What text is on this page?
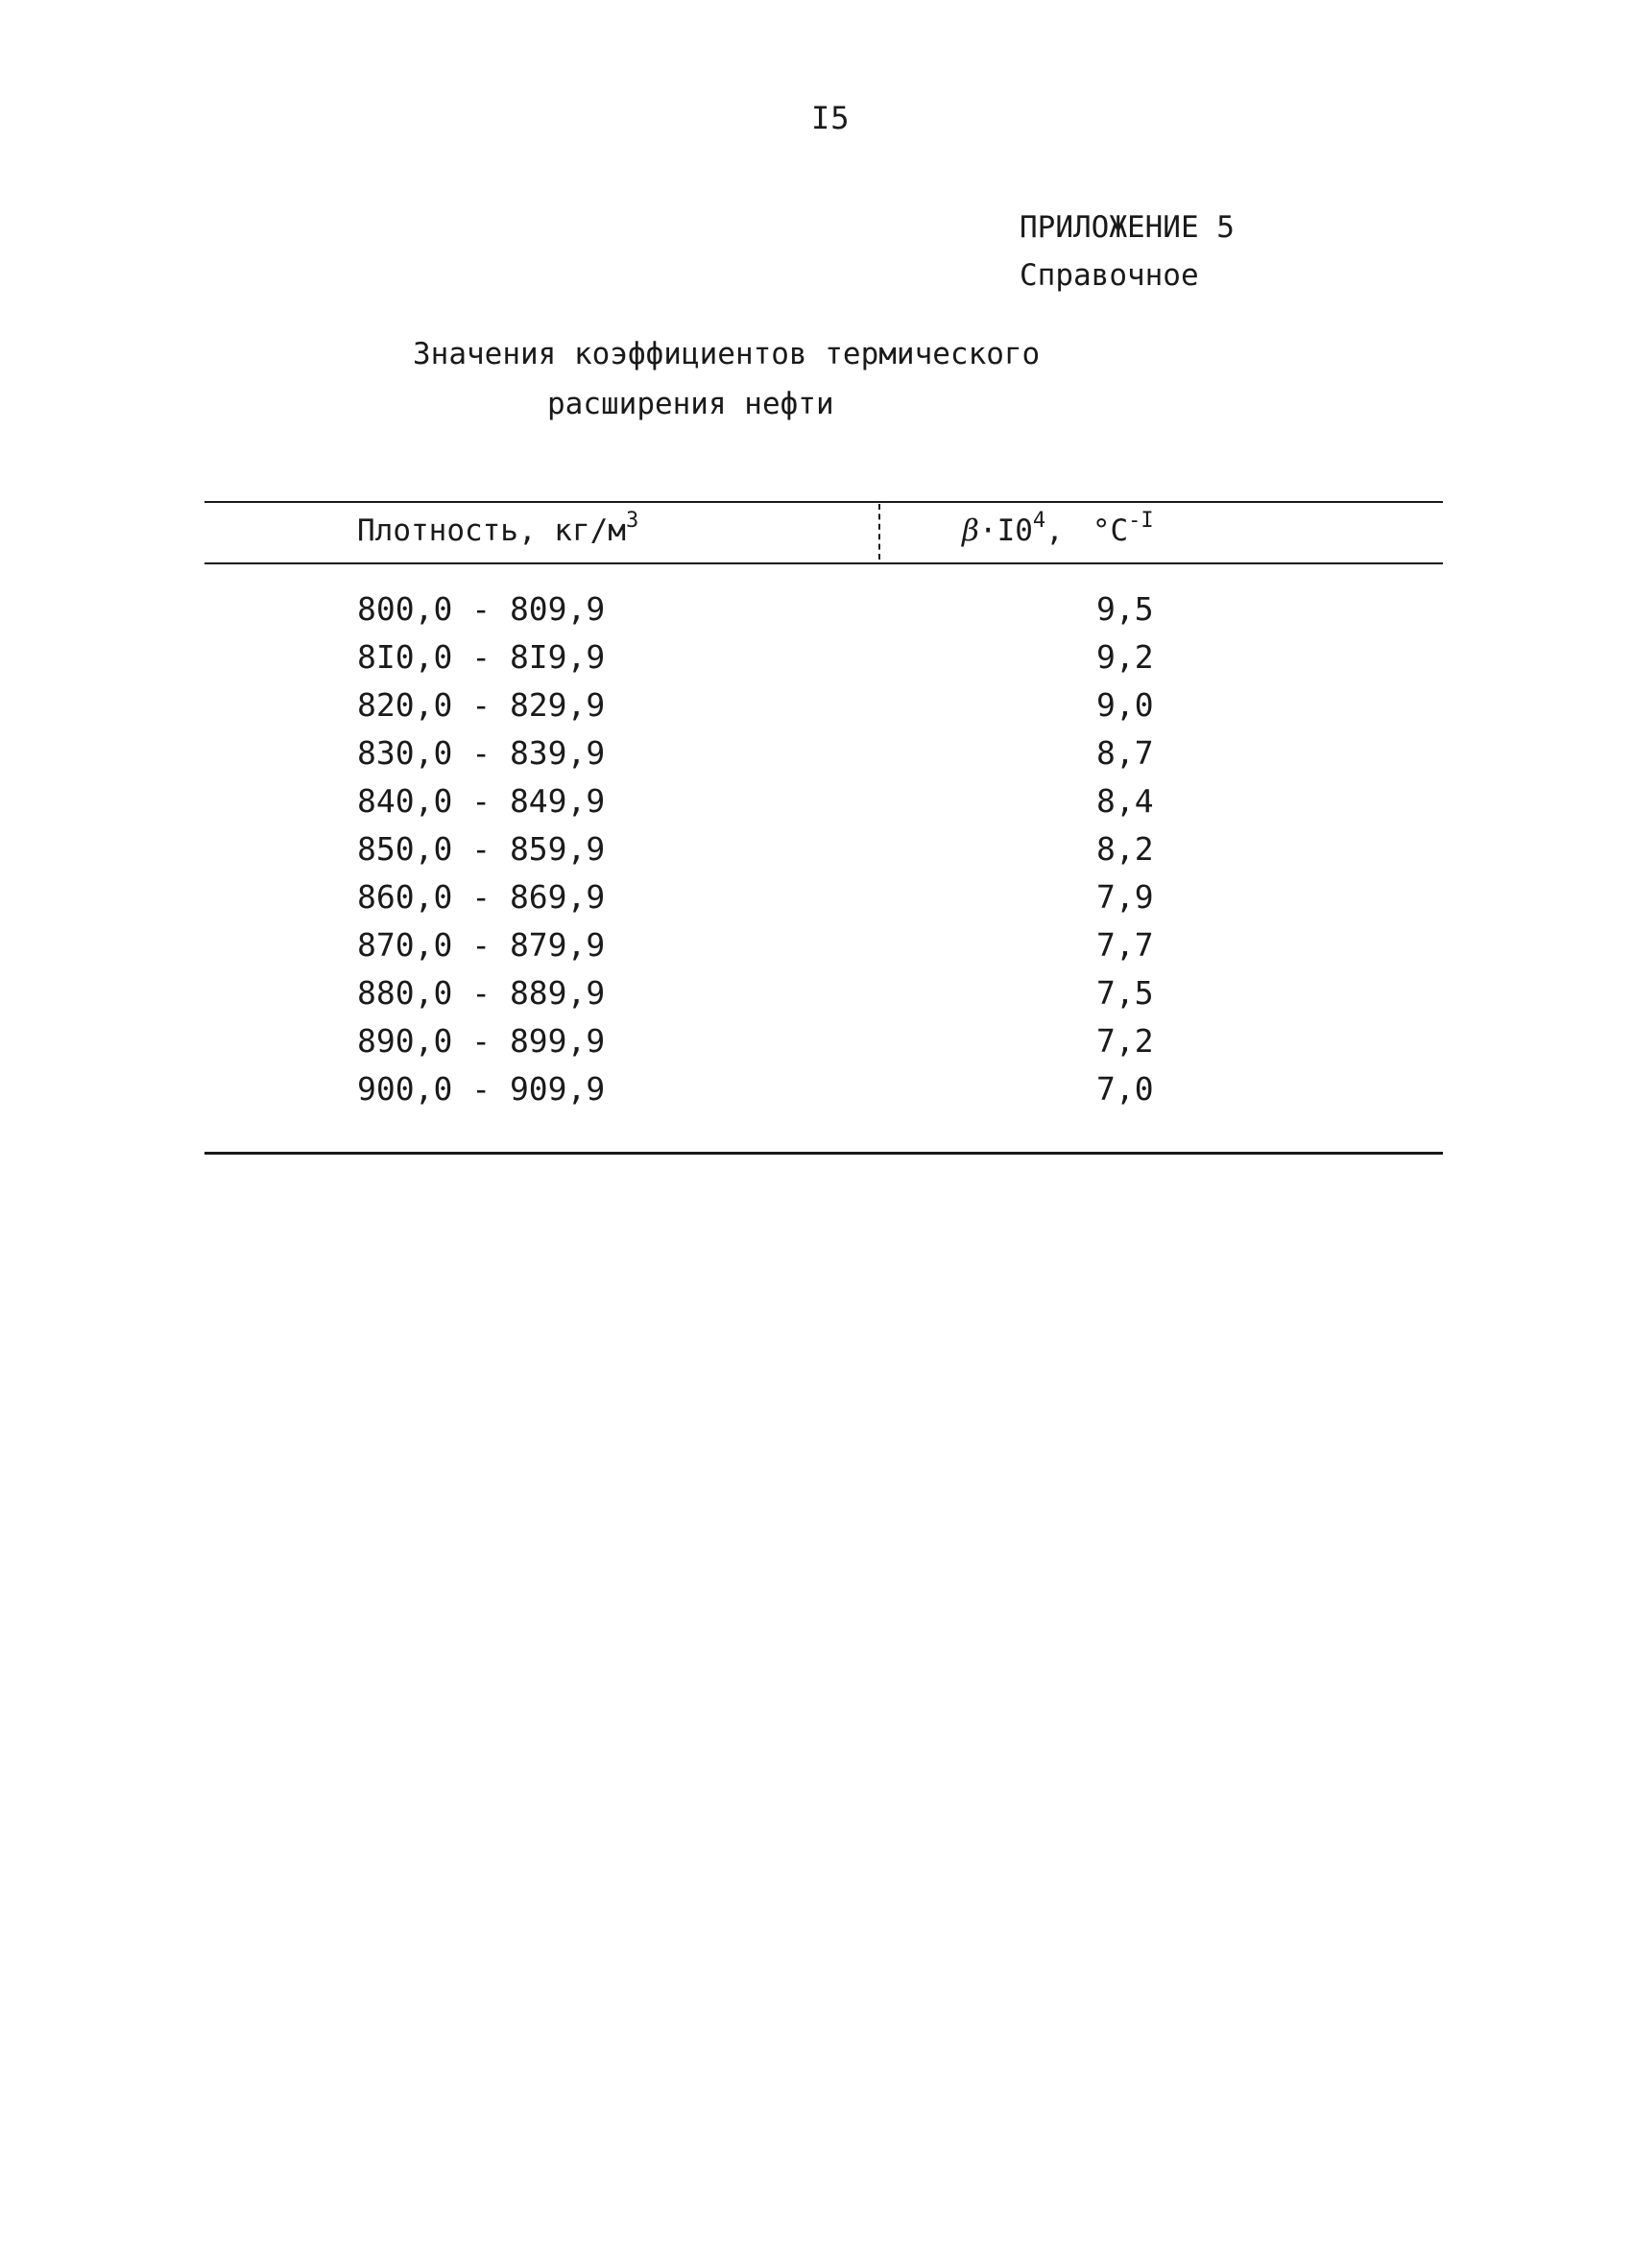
I5
ПРИЛОЖЕНИЕ 5
Справочное
Значения коэффициентов термического
расширения нефти
Плотность, $кг/м^3$	$\beta\cdot I0^4$, $^\circ C^{-I}$
800,0 - 809,9	9,5
8I0,0 - 8I9,9	9,2
820,0 - 829,9	9,0
830,0 - 839,9	8,7
840,0 - 849,9	8,4
850,0 - 859,9	8,2
860,0 - 869,9	7,9
870,0 - 879,9	7,7
880,0 - 889,9	7,5
890,0 - 899,9	7,2
900,0 - 909,9	7,0
